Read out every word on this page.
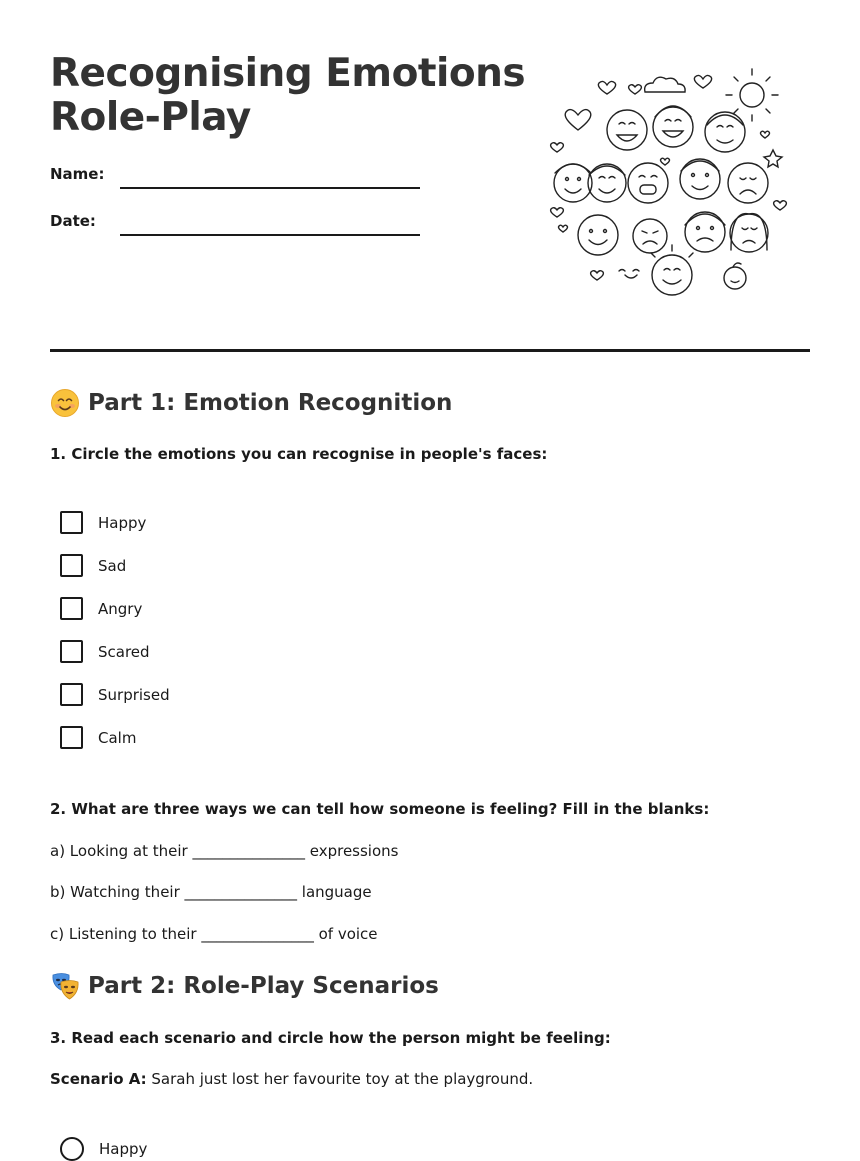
Recognising Emotions
Role-Play
Name:
Date:
Part 1: Emotion Recognition

1. Circle the emotions you can recognise in people's faces:

Happy
Sad
Angry
Scared
Surprised
Calm

2. What are three ways we can tell how someone is feeling? Fill in the blanks:

a) Looking at their _______________ expressions
b) Watching their _______________ language
c) Listening to their _______________ of voice
Part 2: Role-Play Scenarios

3. Read each scenario and circle how the person might be feeling:

Scenario A: Sarah just lost her favourite toy at the playground.
Happy
